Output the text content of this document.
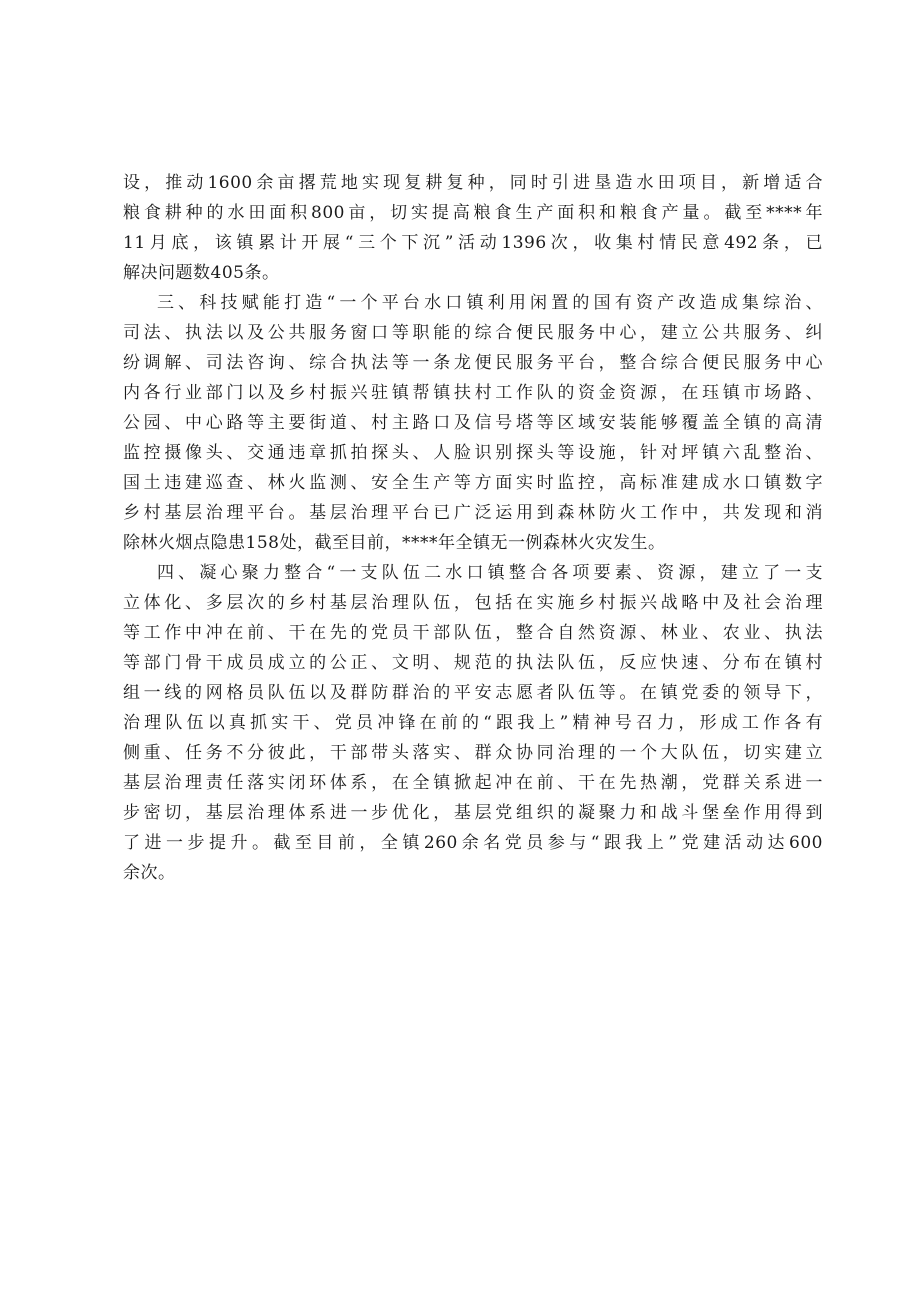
设，推动1600余亩撂荒地实现复耕复种，同时引进垦造水田项目，新增适合
粮食耕种的水田面积800亩，切实提高粮食生产面积和粮食产量。截至****年
11月底，该镇累计开展“三个下沉”活动1396次，收集村情民意492条，已
解决问题数405条。
三、科技赋能打造“一个平台水口镇利用闲置的国有资产改造成集综治、
司法、执法以及公共服务窗口等职能的综合便民服务中心，建立公共服务、纠
纷调解、司法咨询、综合执法等一条龙便民服务平台，整合综合便民服务中心
内各行业部门以及乡村振兴驻镇帮镇扶村工作队的资金资源，在珏镇市场路、
公园、中心路等主要街道、村主路口及信号塔等区域安装能够覆盖全镇的高清
监控摄像头、交通违章抓拍探头、人脸识别探头等设施，针对坪镇六乱整治、
国土违建巡查、林火监测、安全生产等方面实时监控，高标准建成水口镇数字
乡村基层治理平台。基层治理平台已广泛运用到森林防火工作中，共发现和消
除林火烟点隐患158处，截至目前，****年全镇无一例森林火灾发生。
四、凝心聚力整合“一支队伍二水口镇整合各项要素、资源，建立了一支
立体化、多层次的乡村基层治理队伍，包括在实施乡村振兴战略中及社会治理
等工作中冲在前、干在先的党员干部队伍，整合自然资源、林业、农业、执法
等部门骨干成员成立的公正、文明、规范的执法队伍，反应快速、分布在镇村
组一线的网格员队伍以及群防群治的平安志愿者队伍等。在镇党委的领导下，
治理队伍以真抓实干、党员冲锋在前的“跟我上”精神号召力，形成工作各有
侧重、任务不分彼此，干部带头落实、群众协同治理的一个大队伍，切实建立
基层治理责任落实闭环体系，在全镇掀起冲在前、干在先热潮，党群关系进一
步密切，基层治理体系进一步优化，基层党组织的凝聚力和战斗堡垒作用得到
了进一步提升。截至目前，全镇260余名党员参与“跟我上”党建活动达600
余次。
